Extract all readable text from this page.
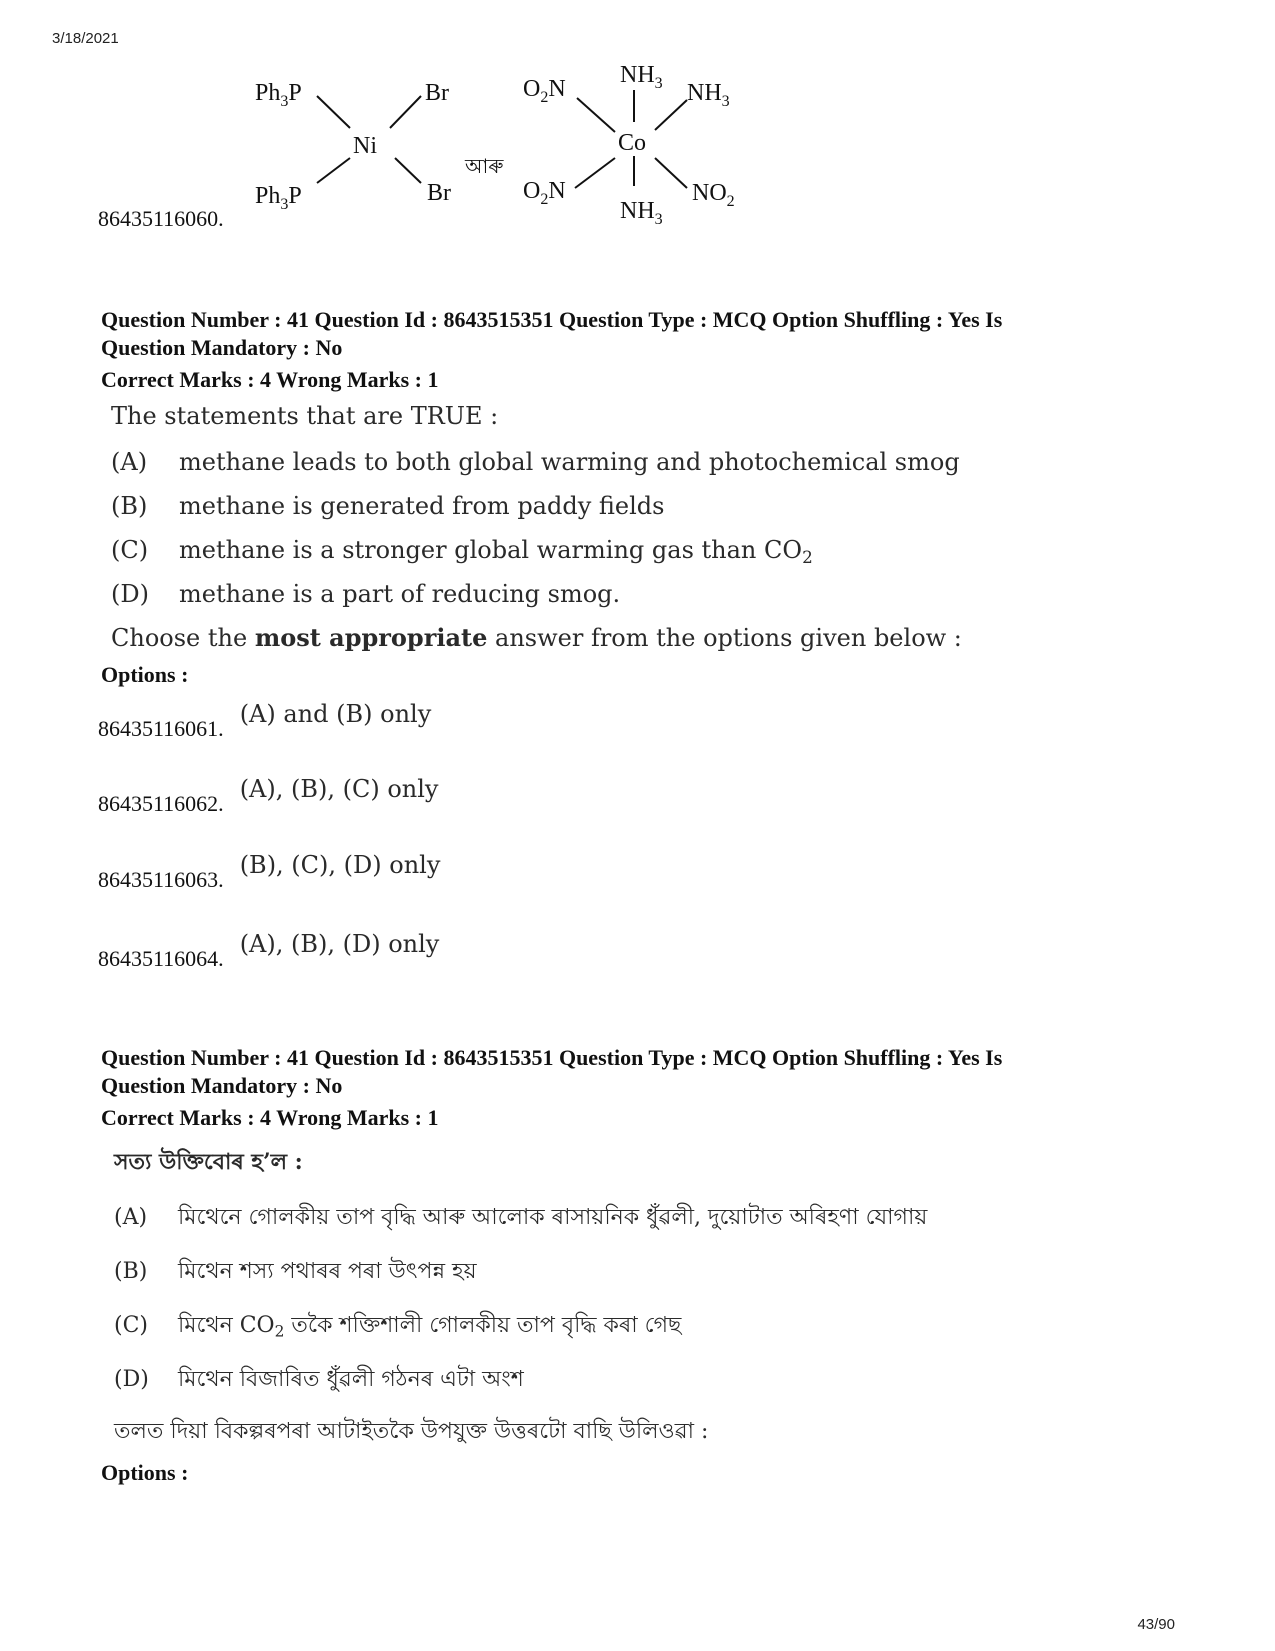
3/18/2021
86435116060.
$Ph_3P$	Br
Ni
$Ph_3P$	Br
আৰু
$NH_3$ $NH_3$
$O_2N$
Co
$O_2N$
$NH_3$
$NO_2$
Question Number : 41 Question Id : 8643515351 Question Type : MCQ Option Shuffling : Yes Is
Question Mandatory : No
Correct Marks : 4 Wrong Marks : 1
The statements that are TRUE :
(A) methane leads to both global warming and photochemical smog
(B) methane is generated from paddy fields
(C) methane is a stronger global warming gas than $CO_2$
(D) methane is a part of reducing smog.
Choose the most appropriate answer from the options given below :
Options :
86435116061. (A) and (B) only
86435116062. (A), (B), (C) only
86435116063. (B), (C), (D) only
86435116064. (A), (B), (D) only
Question Number : 41 Question Id : 8643515351 Question Type : MCQ Option Shuffling : Yes Is
Question Mandatory : No
Correct Marks : 4 Wrong Marks : 1
সত্য উক্তিবোৰ হ’ল :
(A) মিথেনে গোলকীয় তাপ বৃদ্ধি আৰু আলোক ৰাসায়নিক ধুঁৱলী, দুয়োটাত অৰিহণা যোগায়
(B) মিথেন শস্য পথাৰৰ পৰা উৎপন্ন হয়
(C) মিথেন $CO_2$ তকৈ শক্তিশালী গোলকীয় তাপ বৃদ্ধি কৰা গেছ
(D) মিথেন বিজাৰিত ধুঁৱলী গঠনৰ এটা অংশ
তলত দিয়া বিকল্পৰপৰা আটাইতকৈ উপযুক্ত উত্তৰটো বাছি উলিওৱা :
Options :
43/90
